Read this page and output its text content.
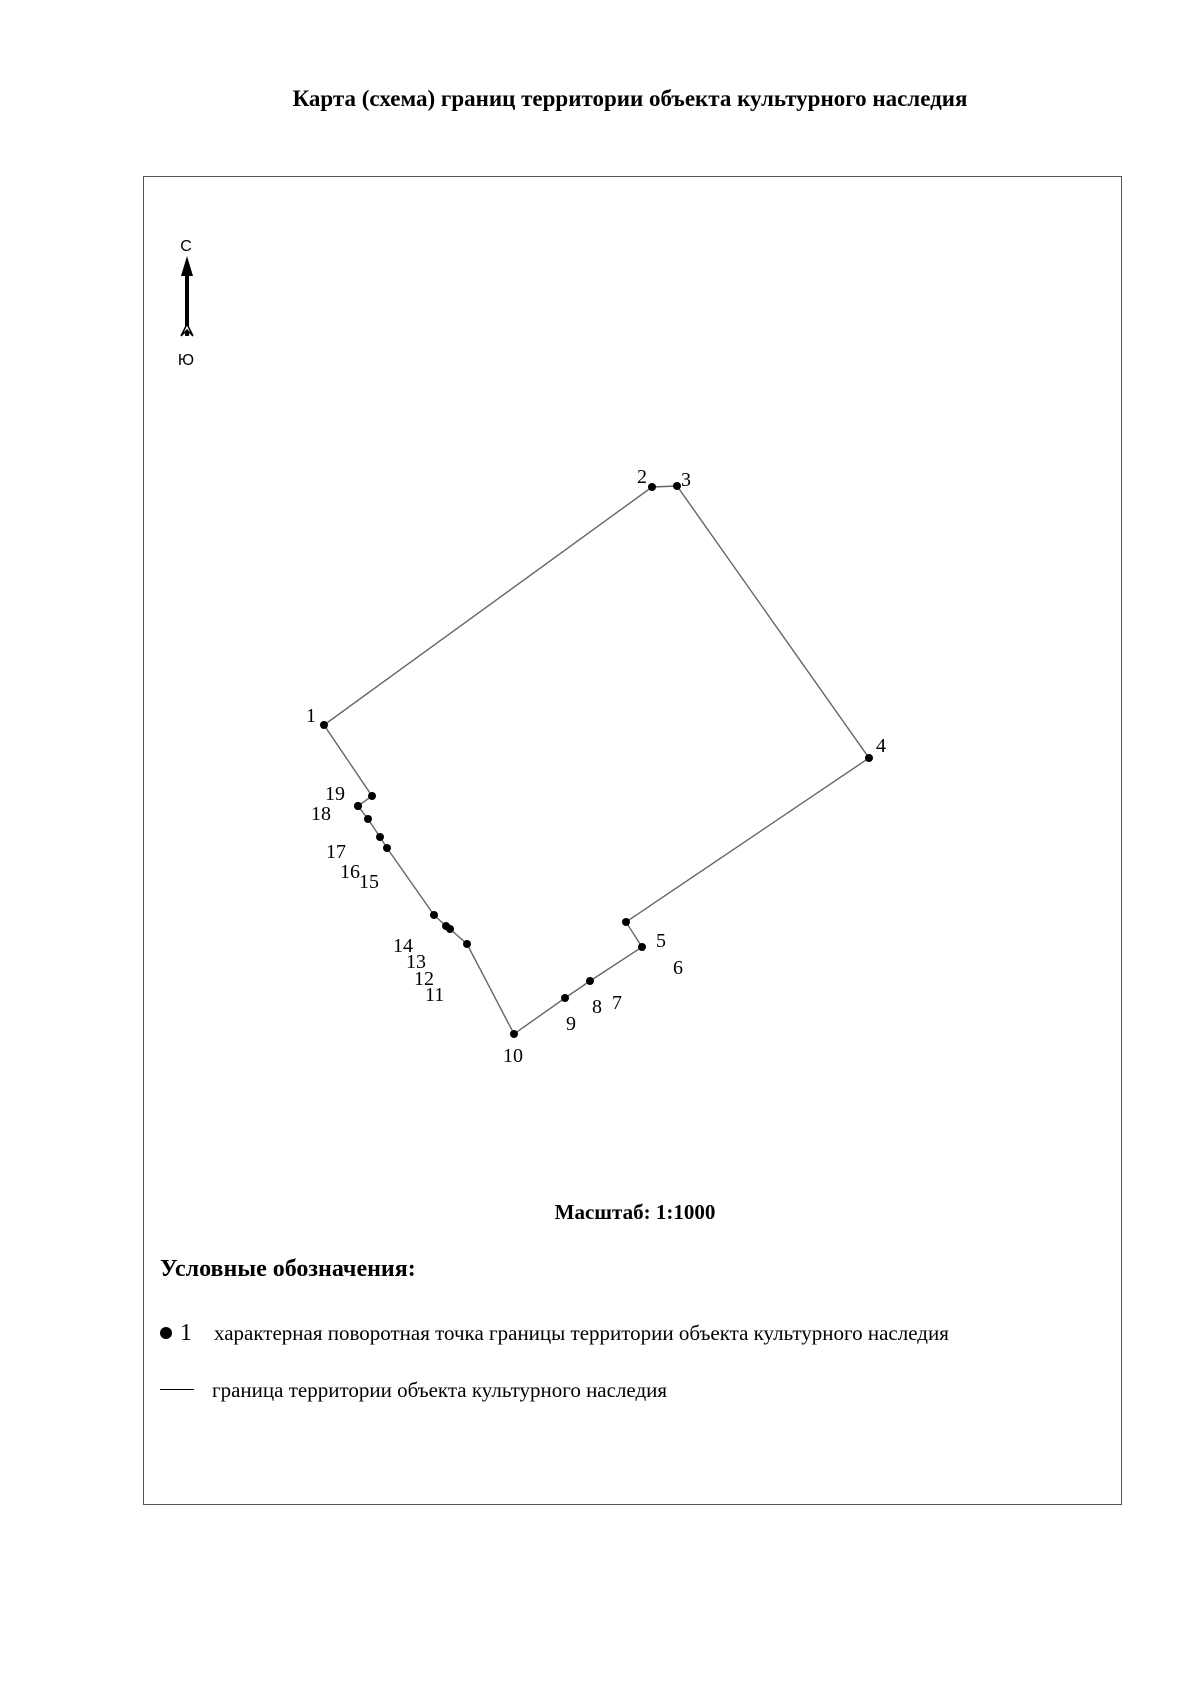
Карта (схема) границ территории объекта культурного наследия
С
Ю
1
2 3
4
5
6
7
8
9
10
11
12
13
14
15
16
17
18
19
Масштаб: 1:1000
Условные обозначения:
1 характерная поворотная точка границы территории объекта культурного наследия
граница территории объекта культурного наследия
